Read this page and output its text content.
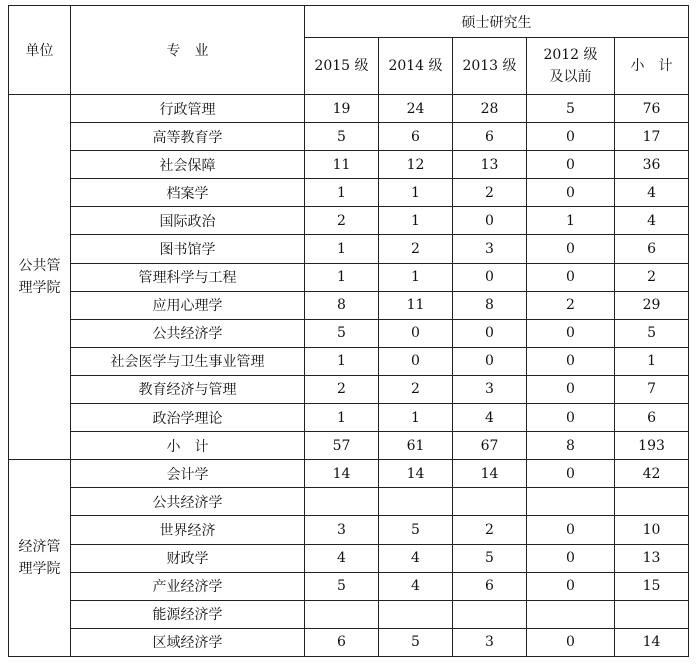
单位	专　业	硕士研究生				
		2015 级	2014 级	2013 级	2012 级
及以前	小　计
公共管
理学院	行政管理	19	24	28	5	76
	高等教育学	5	6	6	0	17
	社会保障	11	12	13	0	36
	档案学	1	1	2	0	4
	国际政治	2	1	0	1	4
	图书馆学	1	2	3	0	6
	管理科学与工程	1	1	0	0	2
	应用心理学	8	11	8	2	29
	公共经济学	5	0	0	0	5
	社会医学与卫生事业管理	1	0	0	0	1
	教育经济与管理	2	2	3	0	7
	政治学理论	1	1	4	0	6
	小　计	57	61	67	8	193
经济管
理学院	会计学	14	14	14	0	42
	公共经济学					
	世界经济	3	5	2	0	10
	财政学	4	4	5	0	13
	产业经济学	5	4	6	0	15
	能源经济学					
	区域经济学	6	5	3	0	14
